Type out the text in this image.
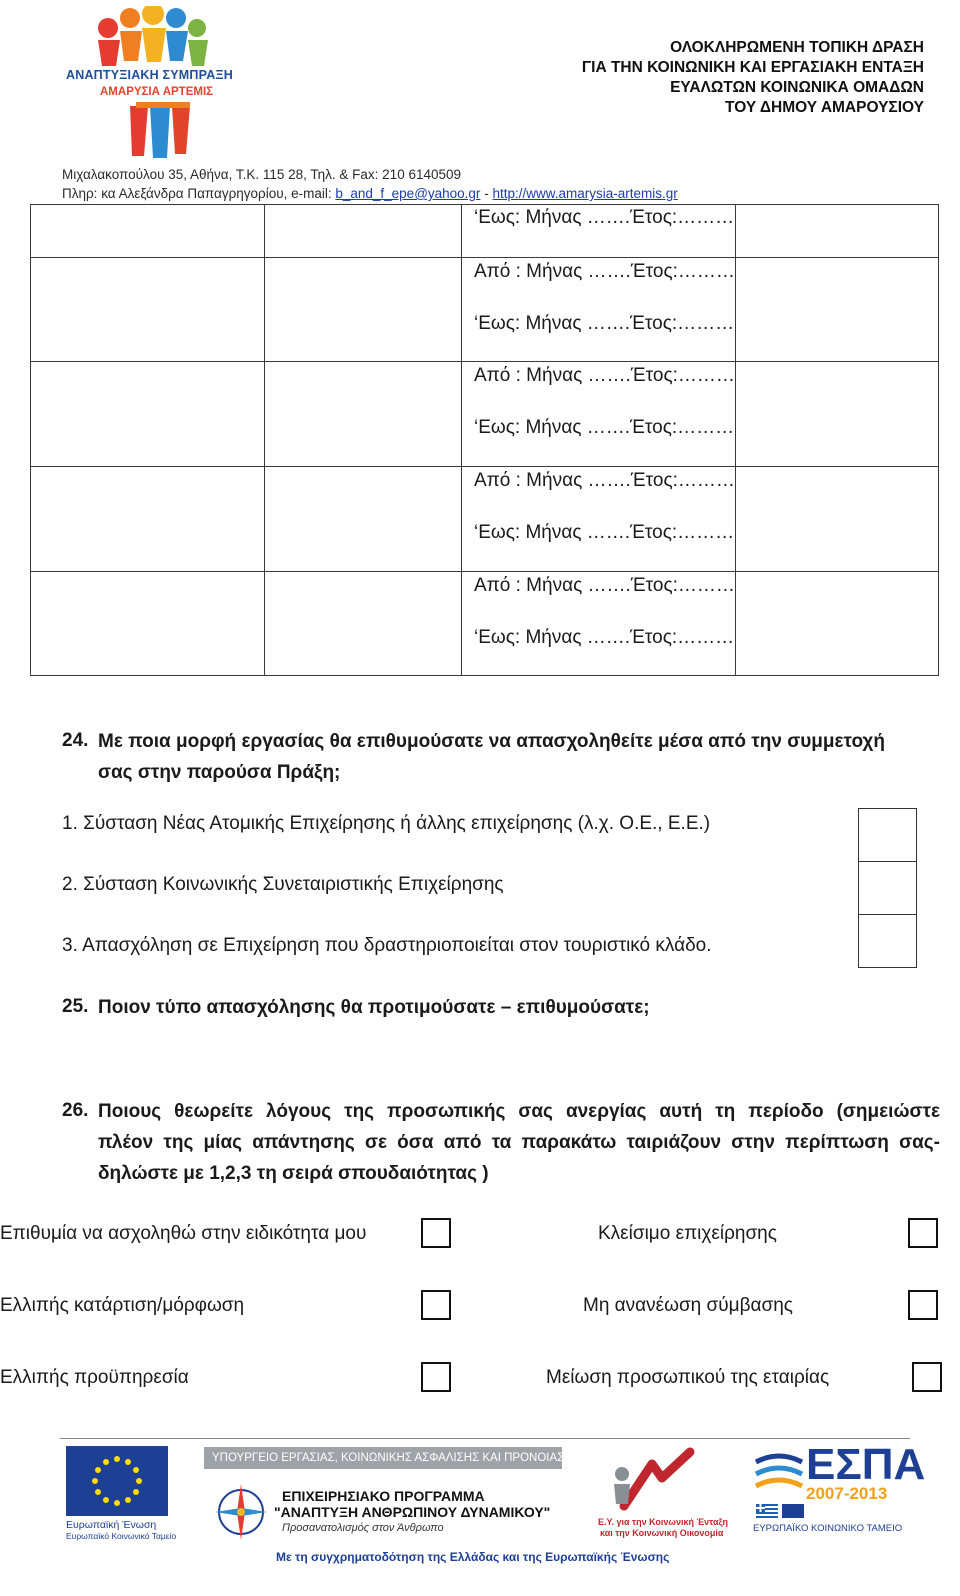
ΑΝΑΠΤΥΞΙΑΚΗ ΣΥΜΠΡΑΞΗ
ΑΜΑΡΥΣΙΑ ΑΡΤΕΜΙΣ
ΟΛΟΚΛΗΡΩΜΕΝΗ ΤΟΠΙΚΗ ΔΡΑΣΗ
ΓΙΑ ΤΗΝ ΚΟΙΝΩΝΙΚΗ ΚΑΙ ΕΡΓΑΣΙΑΚΗ ΕΝΤΑΞΗ
ΕΥΑΛΩΤΩΝ ΚΟΙΝΩΝΙΚΑ ΟΜΑΔΩΝ
ΤΟΥ ΔΗΜΟΥ ΑΜΑΡΟΥΣΙΟΥ
Μιχαλακοπούλου 35, Αθήνα, Τ.Κ. 115 28, Τηλ. & Fax: 210 6140509
Πληρ: κα Αλεξάνδρα Παπαγρηγορίου, e-mail: b_and_f_epe@yahoo.gr - http://www.amarysia-artemis.gr

		‘Εως: Μήνας …….Έτος:………	

		Από : Μήνας …….Έτος:………
‘Εως: Μήνας …….Έτος:………	

		Από : Μήνας …….Έτος:………
‘Εως: Μήνας …….Έτος:………	

		Από : Μήνας …….Έτος:………
‘Εως: Μήνας …….Έτος:………	

		Από : Μήνας …….Έτος:………
‘Εως: Μήνας …….Έτος:………	

24. Με ποια μορφή εργασίας θα επιθυμούσατε να απασχοληθείτε μέσα από την συμμετοχή
σας στην παρούσα Πράξη;
1. Σύσταση Νέας Ατομικής Επιχείρησης ή άλλης επιχείρησης (λ.χ. Ο.Ε., Ε.Ε.)
2. Σύσταση Κοινωνικής Συνεταιριστικής Επιχείρησης
3. Απασχόληση σε Επιχείρηση που δραστηριοποιείται στον τουριστικό κλάδο.
25. Ποιον τύπο απασχόλησης θα προτιμούσατε – επιθυμούσατε;
26. Ποιους θεωρείτε λόγους της προσωπικής σας ανεργίας αυτή τη περίοδο (σημειώστε
πλέον της μίας απάντησης σε όσα από τα παρακάτω ταιριάζουν στην περίπτωση σας-
δηλώστε με 1,2,3 τη σειρά σπουδαιότητας )
Επιθυμία να ασχοληθώ στην ειδικότητα μου
Ελλιπής κατάρτιση/μόρφωση
Ελλιπής προϋπηρεσία
Κλείσιμο επιχείρησης
Μη ανανέωση σύμβασης
Μείωση προσωπικού της εταιρίας
Ευρωπαϊκή Ένωση
Ευρωπαϊκό Κοινωνικό Ταμείο
ΥΠΟΥΡΓΕΙΟ ΕΡΓΑΣΙΑΣ, ΚΟΙΝΩΝΙΚΗΣ ΑΣΦΑΛΙΣΗΣ ΚΑΙ ΠΡΟΝΟΙΑΣ
ΕΠΙΧΕΙΡΗΣΙΑΚΟ ΠΡΟΓΡΑΜΜΑ
"ΑΝΑΠΤΥΞΗ ΑΝΘΡΩΠΙΝΟΥ ΔΥΝΑΜΙΚΟΥ"
Προσανατολισμός στον Άνθρωπο
Με τη συγχρηματοδότηση της Ελλάδας και της Ευρωπαϊκής Ένωσης
Ε.Υ. για την Κοινωνική Ένταξη
και την Κοινωνική Οικονομία
ΕΣΠΑ
2007-2013
ΕΥΡΩΠΑΪΚΟ ΚΟΙΝΩΝΙΚΟ ΤΑΜΕΙΟ
